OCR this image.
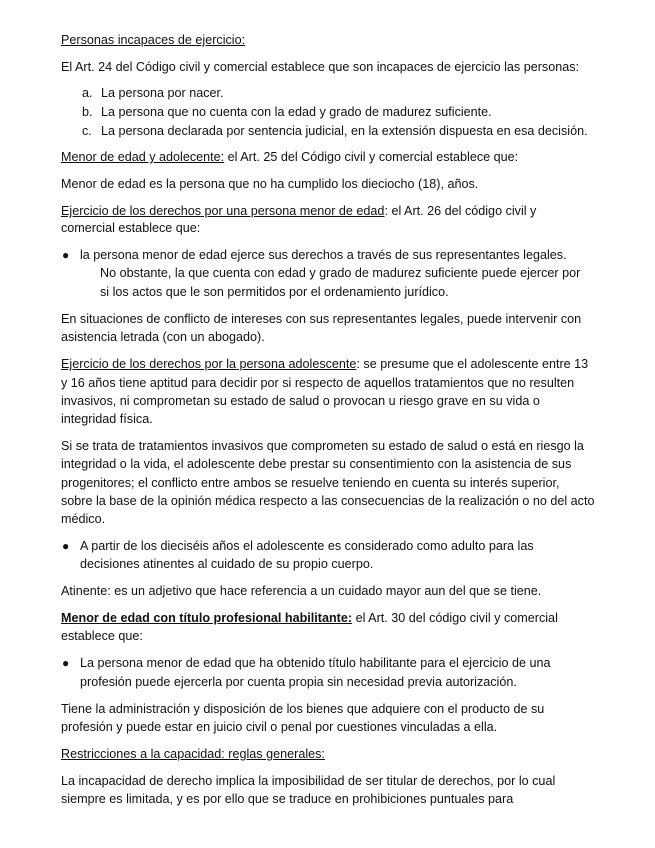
Personas incapaces de ejercicio:
El Art. 24 del Código civil y comercial establece que son incapaces de ejercicio las personas:
a. La persona por nacer.
b. La persona que no cuenta con la edad y grado de madurez suficiente.
c. La persona declarada por sentencia judicial, en la extensión dispuesta en esa decisión.
Menor de edad y adolecente: el Art. 25 del Código civil y comercial establece que:
Menor de edad es la persona que no ha cumplido los dieciocho (18), años.
Ejercicio de los derechos por una persona menor de edad: el Art. 26 del código civil y
comercial establece que:
● la persona menor de edad ejerce sus derechos a través de sus representantes legales.
No obstante, la que cuenta con edad y grado de madurez suficiente puede ejercer por
si los actos que le son permitidos por el ordenamiento jurídico.
En situaciones de conflicto de intereses con sus representantes legales, puede intervenir con
asistencia letrada (con un abogado).
Ejercicio de los derechos por la persona adolescente: se presume que el adolescente entre 13
y 16 años tiene aptitud para decidir por si respecto de aquellos tratamientos que no resulten
invasivos, ni comprometan su estado de salud o provocan u riesgo grave en su vida o
integridad física.
Si se trata de tratamientos invasivos que comprometen su estado de salud o está en riesgo la
integridad o la vida, el adolescente debe prestar su consentimiento con la asistencia de sus
progenitores; el conflicto entre ambos se resuelve teniendo en cuenta su interés superior,
sobre la base de la opinión médica respecto a las consecuencias de la realización o no del acto
médico.
● A partir de los dieciséis años el adolescente es considerado como adulto para las
decisiones atinentes al cuidado de su propio cuerpo.
Atinente: es un adjetivo que hace referencia a un cuidado mayor aun del que se tiene.
Menor de edad con título profesional habilitante: el Art. 30 del código civil y comercial
establece que:
● La persona menor de edad que ha obtenido título habilitante para el ejercicio de una
profesión puede ejercerla por cuenta propia sin necesidad previa autorización.
Tiene la administración y disposición de los bienes que adquiere con el producto de su
profesión y puede estar en juicio civil o penal por cuestiones vinculadas a ella.
Restricciones a la capacidad: reglas generales:
La incapacidad de derecho implica la imposibilidad de ser titular de derechos, por lo cual
siempre es limitada, y es por ello que se traduce en prohibiciones puntuales para
